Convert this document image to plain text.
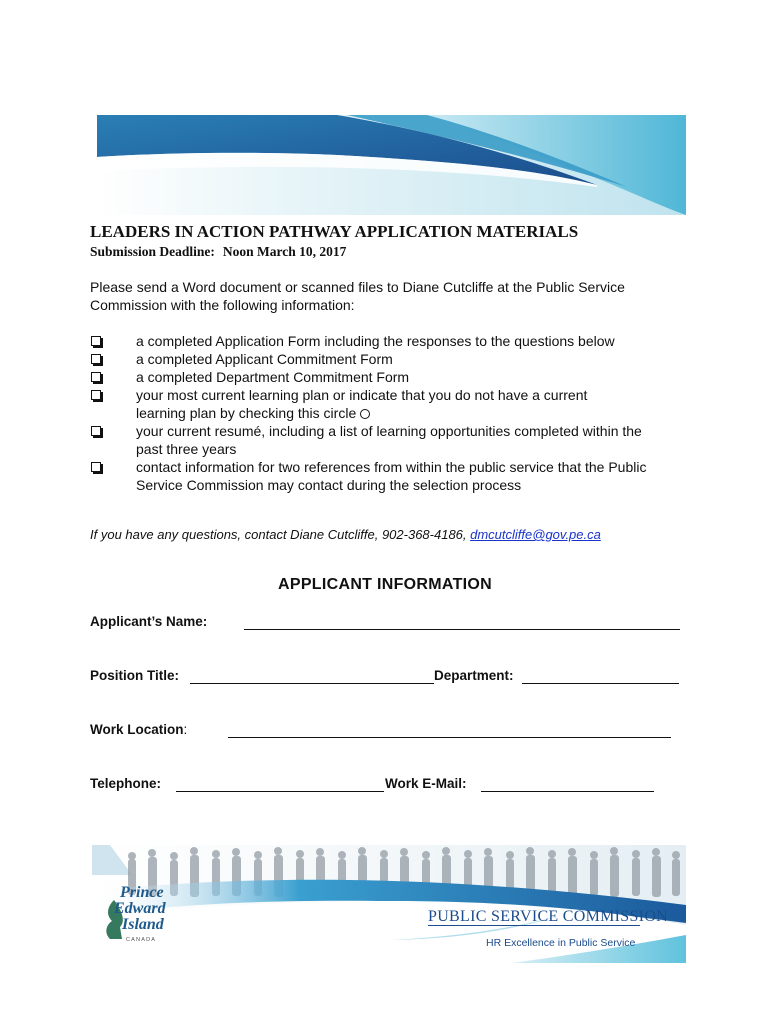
LEADERS IN ACTION PATHWAY APPLICATION MATERIALS
Submission Deadline: Noon March 10, 2017
Please send a Word document or scanned files to Diane Cutcliffe at the Public Service Commission with the following information:
a completed Application Form including the responses to the questions below
a completed Applicant Commitment Form
a completed Department Commitment Form
your most current learning plan or indicate that you do not have a current learning plan by checking this circle
your current resumé, including a list of learning opportunities completed within the past three years
contact information for two references from within the public service that the Public Service Commission may contact during the selection process
If you have any questions, contact Diane Cutcliffe, 902-368-4186, dmcutcliffe@gov.pe.ca
APPLICANT INFORMATION
Applicant’s Name:
Position Title:	Department:
Work Location:
Telephone:	Work E-Mail:
Prince
Edward
Island
CANADA
PUBLIC SERVICE COMMISSION
HR Excellence in Public Service
